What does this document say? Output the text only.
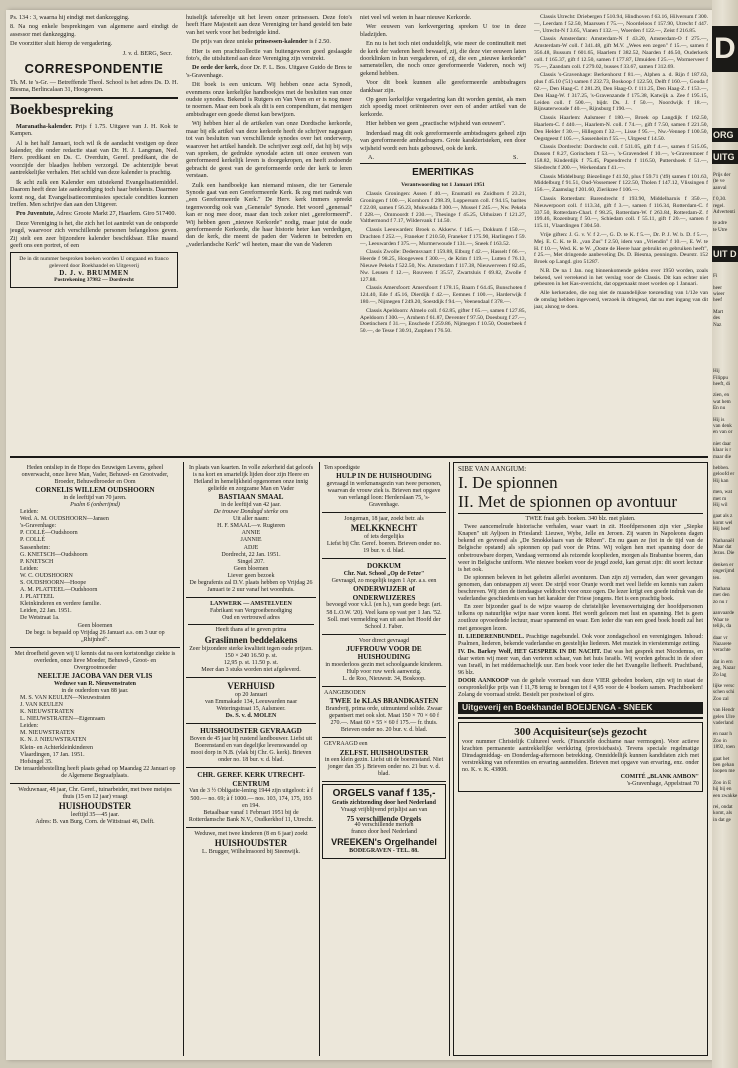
Ps. 134 : 3, waarna hij eindigt met dankzegging.

8. Na nog enkele besprekingen van algemene aard eindigt de assessor met dankzegging.

De voorzitter sluit hierop de vergadering.

J. v. d. BERG, Secr.

CORRESPONDENTIE

Th. M. te 's-Gr. — Betreffende Theol. School is het adres Ds. D. H. Biesma, Berlincalaan 31, Hoogeveen.

Boekbespreking

Maranatha-kalender. Prijs f 1.75. Uitgave van J. H. Kok te Kampen.

Al is het half Januari, toch wil ik de aandacht vestigen op deze kalender, die onder redactie staat van Dr. H. J. Langman, Ned. Herv. predikant en Ds. C. Overduin, Geref. predikant, die de voorzijde der blaadjes hebben verzorgd. De achterzijde bevat aantrekkelijke verhalen. Het schild van deze kalender is prachtig.

Ik acht zulk een Kalender een uitstekend Evangelisatiemiddel. Daarom heeft deze late aankondiging toch haar betekenis. Daarmee komt nog, dat Evangelisatiecommissies speciale condities kunnen treffen. Men schrijve dan aan den Uitgever.

Pro Juventute, Adres: Groote Markt 27, Haarlem. Giro 517400.

Deze Vereniging is het, die zich het lot aantrekt van de ontsporde jeugd, waarvoor zich verschillende personen belangeloos geven. Zij stelt een zeer bijzondere kalender beschikbaar. Elke maand geeft ons een portret, of een

De in dit nummer besproken boeken worden U omgaand en franco geleverd door Boekhandel en Uitgeverij
D. J. v. BRUMMEN
Postrekening 37982 — Dordrecht

huiselijk tafereeltje uit het leven onzer prinsessen. Deze foto's heeft Hare Majesteit aan deze Vereniging ter hand gesteld ten bate van het werk voor het bedreigde kind.

De prijs van deze unieke prinsessen-kalender is f 2.50.

Hier is een prachtcollectie van buitengewoon goed geslaagde foto's, die uitsluitend aan deze Vereniging zijn verstrekt.

De orde der kerk, door Dr. F. L. Bos. Uitgave Guido de Bres te 's-Gravenhage.

Dit boek is een unicum. Wij hebben onze acta Synodi, evenmens onze kerkelijke handboekjes met de besluiten van onze oudste synodes. Bekend is Rutgers en Van Veen en er is nog meer te noemen. Maar een boek als dit is een compendium, dat menigen ambtsdrager een goede dienst kan bewijzen.

Wij hebben hier al de artikelen van onze Dordtsche kerkorde, maar bij elk artikel van deze kerkorde heeft de schrijver nagegaan tot van besluiten van verschillende synodes over het onderwerp, waarover het artikel handelt. De schrijver zegt zelf, dat hij bij wijs van spreken, de gedrukte synodale acten uit onze eeuwen van gereformeerd kerkelijk leven is doorgekropen, en heeft zodoende gebracht de geest van de gereformeerde orde der kerk te leren verstaan.

Zulk een handboekje kan niemand missen, die ter Generale Synode gaat van een Gereformeerde Kerk. Ik zeg met nadruk van „een Gereformeerde Kerk." De Herv. kerk immers spreekt tegenwoordig ook van „Generale" Synode. Het woord „generaal" kan er nog mee door, maar dan toch zeker niet „gereformeerd". Wij hebben geen „nieuwe Kerkorde" nodig, maar juist de oude gereformeerde Kerkorde, die haar historie heter kan verdedigen, dan de kerk, die meent de paden der Vaderen te betreden en „vaderlandsche Kerk" wil heeten, maar die van de Vaderen

niet veel wil weten in haar nieuwe Kerkorde.

Wer eeuwen van kerkvergering spreken U toe in deze bladzijden.

En nu is het toch niet onduidelijk, wie meer de continuïteit met de kerk der vaderen heeft bewaard, zij, die deze vier eeuwen laten doorklinken in hun vergaderen, of zij, die een „nieuwe kerkorde" samenstellen, die noch onze gereformeerde Vaderen, noch wij gekend hebben.

Voor dit boek kunnen alle gereformeerde ambtsdragers dankbaar zijn.

Op geen kerkelijke vergadering kan dit worden gemist, als men zich spoedig moet oriënteeren over een of ander artikel van de kerkorde.

Hier hebben we geen „practische wijsheid van eeuwen".

Inderdaad mag dit ook gereformeerde ambtsdragers geheel zijn van gereformeerde ambtsdragers. Grote karakteristeken, een door wijsheid wordt een huis gebouwd, ook de kerk.

A.	S.
EMERITIKAS
Verantwoording tot 1 Januari 1951

Classis Groningen: Assen f 40.—, Enumatil en Zuidhorn f 23.21, Groningen f 100.—, Kornhorn f 298.39, Loppersum coll. f 94.15, barites f 22.08, samen f 56.23, Mukwalda f 300.—, Mussel f 245.—, Nw. Pekela f 228.—, Ommoordt f 230.—, Thesinge f 45.25, Uithuizen f 121.27, Valthermond f 7.17, Wildervank f 14.50.

Classis Leeuwarden: Broek o. Akkerw. f 145.—, Dokkum f 150.—, Drachten f 252.—, Franeker f 210.50, Franeker f 175.90, Harlingen f 59.—, Leeuwarden f 375.—, Murmerwoude f 131.—, Sneek f 163.52.

Classis Zwolle: Dedemsvaart f 159.88, Elburg f 42.—, Hasselt f 66.—, Heerde f 98.25, Hoogeveen f 300.—, de Krim f 119.—, Lutten f 76.13, Nieuwe Pekela f 522.50, Nw. Amsterdam f 117.38, Nieuwerveen f 82.45, Nw. Leusen f 12.—, Rouveen f 35.57, Zwartsluis f 69.82, Zwolle f 127.88.

Classis Amersfoort: Amersfoort f 178.15, Baarn f 64.45, Bunschoten f 124.40, Ede f 45.16, Dierdijk f 42.—, Eemnes f 100.—, Harderwijk f 180.—, Nijmegen f 249.20, Soestdijk f 94.—, Veenendaal f 378.—.

Classis Apeldoorn: Almelo coll. f 62.85, gifter f 65.—, samen f 127.85, Apeldoorn f 300.—, Arnhem f 61.87, Deventer f 97.50, Doesburg f 27.—, Doetinchem f 31.—, Enschede f 259.86, Nijmegen f 10.50, Oosterbeek f 50.—, de Tesse f 30.91, Zutphen f 76.50.

Classis Utrecht: Driebergen f 510.94, Hindhoven f 63.16, Hilversum f 300.—, Leerdam f 52.50, Maarssen f 75.—, Noordeloos f 157.90, Utrecht f 447.—, Utrecht-N f 3.65, Vianen f 132.—, Woerden f 122.—, Zeist f 216.85.

Classis Amsterdam: Amsterdam-N f 43.20, Amsterdam-O f 275.—, Amsterdam-W coll. f 341.48, gift M.V. „Wees een zegen" f 15.—, samen f 356.48, Bussum f 601.65, Haarlem f 382.52, Naarden f 46.50, Ouderkerk coll. f 165.37, gift f 12.50, samen f 177.87, IJmuiden f 25.—, Wormerveer f 75.—, Zaandam coll. f 279.02, busses f 33.67, samen f 312.69.

Classis 's-Gravenhage: Berkenhorst f 81.—, Alphen a. d. Rijn f 187.63, plus f 45.10 ('51) samen f 232.73, Boskoop f 122.50, Delft f 160.—, Gouda f 62.—, Den Haag-C. f 281.29, Den Haag-O. f 111.25, Den Haag-Z. f 153.—, Den Haag-W. f 317.25, 's-Gravenzande f 175.38, Katwijk a. Zee f 195.15, Leiden coll. f 500.—, bijdr. Ds. J. f 50.—, Noordwijk f 18.—, Rijnsaterwoude f 40.—, Rijnsburg f 190.—.

Classis Haarlem: Aalsmeer f 180.—, Broek op Langdijk f 162.50, Haarlem-C. f 440.—, Haarlem-N. coll. f 74.—, gift f 7.50, samen f 221.50, Den Helder f 30.—, Hillegom f 32.—, Lisse f 95.—, Nw.-Vennep f 100.50, Oegstgeest f 105.—, Sassenheim f 55.—, Uitgeest f 14.50.

Classis Dordrecht: Dordrecht coll. f 511.05, gift f 4.—, samen f 515.05, Dussen f 8.27, Gorinchem f 53.—, 's-Gravendeel f 10.—, 's-Gravenmoer f 158.82, Kinderdijk f 75.45, Papendrecht f 116.50, Puttershoek f 51.—, Sliedrecht f 200.—, Werkendam f 41.—.

Classis Middelburg: Biezelinge f 41.92, plus f 59.71 ('49) samen f 101.63, Middelburg f 91.51, Oud-Vossemeer f 122.50, Tholen f 147.12, Vlissingen f 156.—, Zaamslag f 201.60, Zierikzee f 106.—.

Classis Rotterdam: Barendrecht f 193.90, Middelharnis f 350.—, Nieuwerpoort coll. f 113.34, gift f 3.—, samen f 116.34, Rotterdam-C. f 337.50, Rotterdam-Charl. f 98.25, Rotterdam-W. f 263.84, Rotterdam-Z. f 199.46, Rozenburg f 50.—, Schiedam coll. f 55.11, gift f 20.—, samen f 115.11, Vlaardingen f 304.50.

Vrije giften: J. G. v. V. f 2.—, G. D. te K. f 5.—, Dr. P. J. W. b. D. f 5.—, Mej. E. C. K. te B. „van Zus" f 2.50, idem van „Vriendin" f 10.—, E. W. te H. f 10.—, Wed. K. te W. „Ooste de Heere haar gebruikt en gebruiken heeft", f 25.—, Met dringende aanbeveling Ds. D. Biesma, penningm. Deurstr. 152 Broek op Langd. giro 51287.

N.B. De na 1 Jan. nog binnenkomende gelden over 1950 worden, zoals bekend, wel verrekend in het verslag voor de Classis. Dit kan echter niet gebeuren in het Kas-overzicht, dat opgemaakt moet worden op 1 Januari.

Alle kerkeraden, die nog niet de maandelijkse toezending van 1/12e van de omslag hebben ingevoerd, verzoek ik dringend, dat nu met ingang van dit jaar, alsnog te doen.

Heden ontsliep in de Hope des Eeuwigen Levens, geheel onverwacht, onze lieve Man, Vader, Behuwd- en Grootvader, Broeder, Behuwdbroeder en Oom
CORNELIS WILLEM OUDSHOORN
in de leeftijd van 70 jaren.
Psalm 6 (onberijmd)
Leiden:
Wed. A. M. OUDSHOORN—Jansen
's-Gravenhage:
P. COLLÉ—Oudshoorn
P. COLLÉ
Sassenheim:
G. KNETSCH—Oudshoorn
P. KNETSCH
Leiden:
W. C. OUDSHOORN
S. OUDSHOORN—Hoope
A. M. PLATTEEL—Oudshoorn
J. PLATTEEL
Kleinkinderen en verdere familie.
Leiden, 22 Jan. 1951.
De Wetstraat 1a.
Geen bloemen
De begr. is bepaald op Vrijdag 26 Januari a.s. om 3 uur op „Rhijnhof".
Met droefheid geven wij U kennis dat na een kortstondige ziekte is overleden, onze lieve Moeder, Behuwd-, Groot- en Overgrootmoeder
NEELTJE JACOBA VAN DER VLIS
Weduwe van R. Nieuwenstraten
in de ouderdom van 88 jaar.
M. S. VAN KEULEN—Nieuwstraten
J. VAN KEULEN
K. NIEUWSTRATEN
L. NIEUWSTRATEN—Eigenraam
Leiden:
M. NIEUWSTRATEN
K. N. J. NIEUWSTRATEN
Klein- en Achterkleinkinderen
Vlaardingen, 17 Jan. 1951.
Hofsingel 35.
De teraardebestelling heeft plaats gehad op Maandag 22 Januari op de Algemene Begraafplaats.
Weduwnaar, 48 jaar, Chr. Geref., tuinarbeider, met twee meisjes thuis (15 en 12 jaar) vraagt
HUISHOUDSTER
leeftijd 35—45 jaar.
Adres: B. van Burg, Corn. de Wittstraat 46, Delft.
In plaats van kaarten. In volle zekerheid dat geloofs is na kort en smartelijk lijden door zijn Heere en Heiland in hemelijkheid opgenomen onze innig geliefde en zorgzame Man en Vader
BASTIAAN SMAAL
in de leeftijd van 42 jaar.
De trouwe Dondagd sterke ons
Uit aller naam:
H. F. SMAAL—v. Rugteren
ANNIE
JANNIE
ADJE
Dordrecht, 22 Jan. 1951.
Singel 207.
Geen bloemen
Liever geen bezoek
De begrafenis zal D.V. plaats hebben op Vrijdag 26 Januari te 2 uur vanaf het woonhuis.
LANWERK — AMSTELVEEN
Fabrikant van Vergroeibenodiging
Oud en vertrouwd adres
Heeft thans af te geven prima
Graslinnen beddelakens
Zeer bijzondere sterke kwaliteit tegen oude prijzen.
150 × 240 16.50 p. st.
12,95 p. st. 11.50 p. st.
Meer dan 3 stuks worden niet afgeleverd.
VERHUISD
op 20 Januari
van Emmakade 134, Leeuwarden naar Weteringstraat 15, Aalsmeer.
Ds. S. v. d. MOLEN
HUISHOUDSTER GEVRAAGD
Boven de 45 jaar bij rustend landbouwer. Liefst uit Boerenstand en van degelijke levenswandel op mooi dorp in N.B. (vlak bij Chr. G. kerk). Brieven onder no. 18 bur. v. d. blad.
CHR. GEREF. KERK UTRECHT-CENTRUM
Van de 3 ½ Obligatie-lening 1944 zijn uitgeloot: à f 500.— no. 69; à f 1000.— nos. 103, 174, 175, 193 en 194.
Betaalbaar vanaf 1 Februari 1951 bij de Rotterdamsche Bank N.V., Oudkerkhof 11, Utrecht.
Weduwe, met twee kinderen (8 en 6 jaar) zoekt
HUISHOUDSTER
L. Brugger, Wilhelmsoord bij Steenwijk.
Ten spoedigste
HULP IN DE HUISHOUDING
gevraagd in werkmansgezin van twee personen, waarvan de vrouw ziek is. Brieven met opgave van verlangd loon: Herderslaan 75, 's-Gravenhage.
Jongeman, 18 jaar, zoekt betr. als
MELKKNECHT
of iets dergelijks
Liefst bij Chr. Geref. boeren. Brieven onder no. 19 bur. v. d. blad.
DOKKUM
Chr. Nat. School „Op de Fetze"
Gevraagd, zo mogelijk tegen 1 Apr. a.s. een
ONDERWIJZER of ONDERWIJZERES
bevoegd voor v.k.l. (en h.), van goede begr. (art. 58 L.O.W. '20). Veel kans op vast per 1 Jan. '52. Soll. met vermelding van uit aan het Hoofd der School J. Faber.
Voor direct gevraagd
JUFFROUW VOOR DE HUISHOUDING
in moederloos gezin met schoolgaande kinderen. Hulp voor ruw werk aanwezig.
L. de Roo, Nieuwstr. 34, Boskoop.
AANGEBODEN
TWEE 1e KLAS BRANDKASTEN
Brandvrij, prima orde, uitmuntend solide. Zwaar gepantsert met ook slot. Maat 150 × 70 × 60 f 270.—. Maat 60 × 55 × 60 f 175.— fr. thuis. Brieven onder no. 20 bur. v. d. blad.
GEVRAAGD een
ZELFST. HUISHOUDSTER
in een klein gezin. Liefst uit de boerenstand. Niet jonger dan 35 j. Brieven onder no. 21 bur. v. d. blad.
ORGELS vanaf f 135,-
Gratis zichtzending door heel Nederland
Vraagt vrijblijvend prijslijst aan van
75 verschillende Orgels
40 verschillende merken
franco door heel Nederland
VREEKEN's Orgelhandel
BODEGRAVEN - TEL. 88.
SIBE VAN AANGIUM:
I. De spionnen
II. Met de spionnen op avontuur
TWEE fraai geb. boeken. 340 blz. met platen.

Twee aancemelrude historische verhalen, waar vaart in zit. Hoofdpersonen zijn vier „Siepke Knapen" uit Ayljoen in Friesland: Lieuwe, Wybe, Jelle en Jeroen. Zij waren in Napoleons dagen bekend en gevreesd als „De Smokkelaars van de Ribzen". En nu gaan ze (tot in de tijd van de Belgische opstand) als spionnen op pad voor de Prins. Wij volgen hen met spanning door de onbetrouwbare dorpen, Vandaag vermomd als reizende kooplieden, morgen als Brabantse boeren, dan weer in Belgische uniform. Wie nieuwe boeken voor de jeugd zoekt, kan gerust zijn: dit soort lectuur is het ook.

De spionnen beleven in het geheim allerlei avonturen. Dan zijn zij verraden, dan weer gevangen genomen, dan ontsnappen zij weer. De strijd voor Oranje wordt met veel liefde en kennis van zaken beschreven. Wij zien de tiendaagse veldtocht voor onze ogen. De lezer krijgt een goede indruk van de vaderlandse geschiedenis en van het karakter der Friese jongens. Het is een prachtig boek.

En zeer bijzonder gaaf is de wijze waarop de christelijke levensovertuiging der hoofdpersonen telkens op natuurlijke wijze naar voren komt. Het wordt gelezen met lust en spanning. Het is geen zoutloze opvoedende lectuur, maar spannend en waar. Een ieder die van een goed boek houdt zal het met genoegen lezen.

II. LIEDERENBUNDEL. Prachtige nagebundel. Ook voor zondagschool en verenigingen. Inhoud: Psalmen, liederen, bekende vaderlandse en geestelijke liederen. Met muziek in vierstemmige zetting.

IV. Ds. Barkey Wolf, HET GESPREK IN DE NACHT. Dat was het gesprek met Nicodemus, en daar weten wij meer van, dan verteren schaar, van het huis Israëls. Wij worden gebracht in de sfeer van Israël, in het middernachtelijk uur. Een boek voor ieder die het Evangelie liefheeft. Prachtband, 96 blz.

DOOR AANKOOP van de gehele voorraad van deze VIER geboden boeken, zijn wij in staat de oorspronkelijke prijs van f 11,78 terug te brengen tot f 4,95 voor de 4 boeken samen. Prachtboeken! Zolang de voorraad strekt. Bestelt per postwissel of giro.

Uitgeverij en Boekhandel BOEIJENGA - SNEEK
300 Acquisiteur(se)s gezocht
voor nummer Christelijk Cultureel werk. (Financiële dochtame naar vermogen). Voor actieve krachten permanente aantrekkelijke werkkring (provisiebasis). Tevens speciale regelmatige Dinsdagmiddag- en Donderdag-afternoon betrekking. Onmiddellijk kunnen kandidaten zich met verstrekking van referenties en ervaring aanmelden. Brieven met opgave van ervaring, enz. onder no. K. v. K. 43808.
COMITÉ „BLANK AMBON"
's-Gravenhage, Appelstraat 70
D
ORG
UITG
UIT D
Prijs der
(te ve
aanval
f 0,30.
regel.
Advertenti
te adre
te Utre
Fi
heer
wieer
heef
Mart
des
Naz
Hij
Filippu
heeft, di
zien, en
wat hem
En nu
Hij is
van denk
en van or
niet daar
klaar is r
maar die
hebben.
geloofd er
Hij kan
men, wat
met m
Hij wil
gaat als z
komt wel
Hij heef
Nathanaël
Maar dat
Jezus. Die
denken er
ongerijmd
ten.
Nathana
met den
zo nu r
aanvaarde
Waar te
telijk, da
daar vr
Nazarete
verachte
dat in ern
zeg, Nazar
Zo lag
lijke versc
schen schi
Zoo zal
van Hendr
gelen Ulre
vaderland
en naar h
Zoo in
1892, toen
gaat het
ben gehan
loopen me
Zoo in E
hij bij en
een zwakke
rei, ondat
komt, als
in dat ge
